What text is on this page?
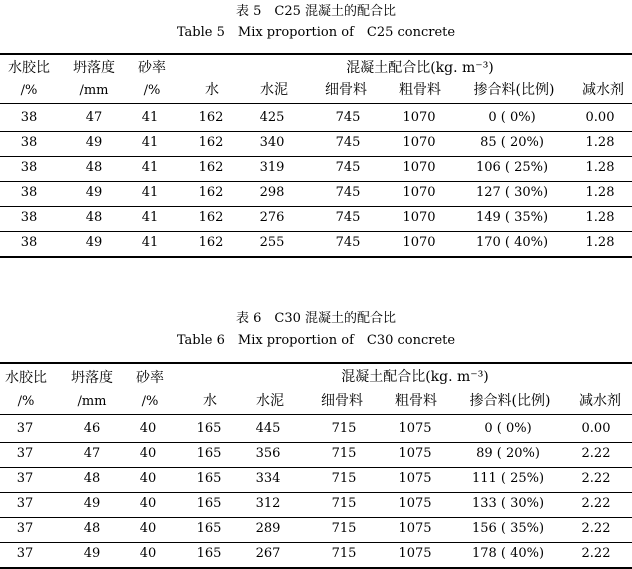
表 5　C25 混凝土的配合比
Table 5　Mix proportion of　C25 concrete
水胶比	坍落度	砂率	混凝土配合比(kg. m⁻³)
/%	/mm	/%	水	水泥	细骨料	粗骨料	掺合料(比例)	减水剂
38	47	41	162	425	745	1070	0 ( 0%)	0.00
38	49	41	162	340	745	1070	85 ( 20%)	1.28
38	48	41	162	319	745	1070	106 ( 25%)	1.28
38	49	41	162	298	745	1070	127 ( 30%)	1.28
38	48	41	162	276	745	1070	149 ( 35%)	1.28
38	49	41	162	255	745	1070	170 ( 40%)	1.28
表 6　C30 混凝土的配合比
Table 6　Mix proportion of　C30 concrete
水胶比	坍落度	砂率	混凝土配合比(kg. m⁻³)
/%	/mm	/%	水	水泥	细骨料	粗骨料	掺合料(比例)	减水剂
37	46	40	165	445	715	1075	0 ( 0%)	0.00
37	47	40	165	356	715	1075	89 ( 20%)	2.22
37	48	40	165	334	715	1075	111 ( 25%)	2.22
37	49	40	165	312	715	1075	133 ( 30%)	2.22
37	48	40	165	289	715	1075	156 ( 35%)	2.22
37	49	40	165	267	715	1075	178 ( 40%)	2.22
